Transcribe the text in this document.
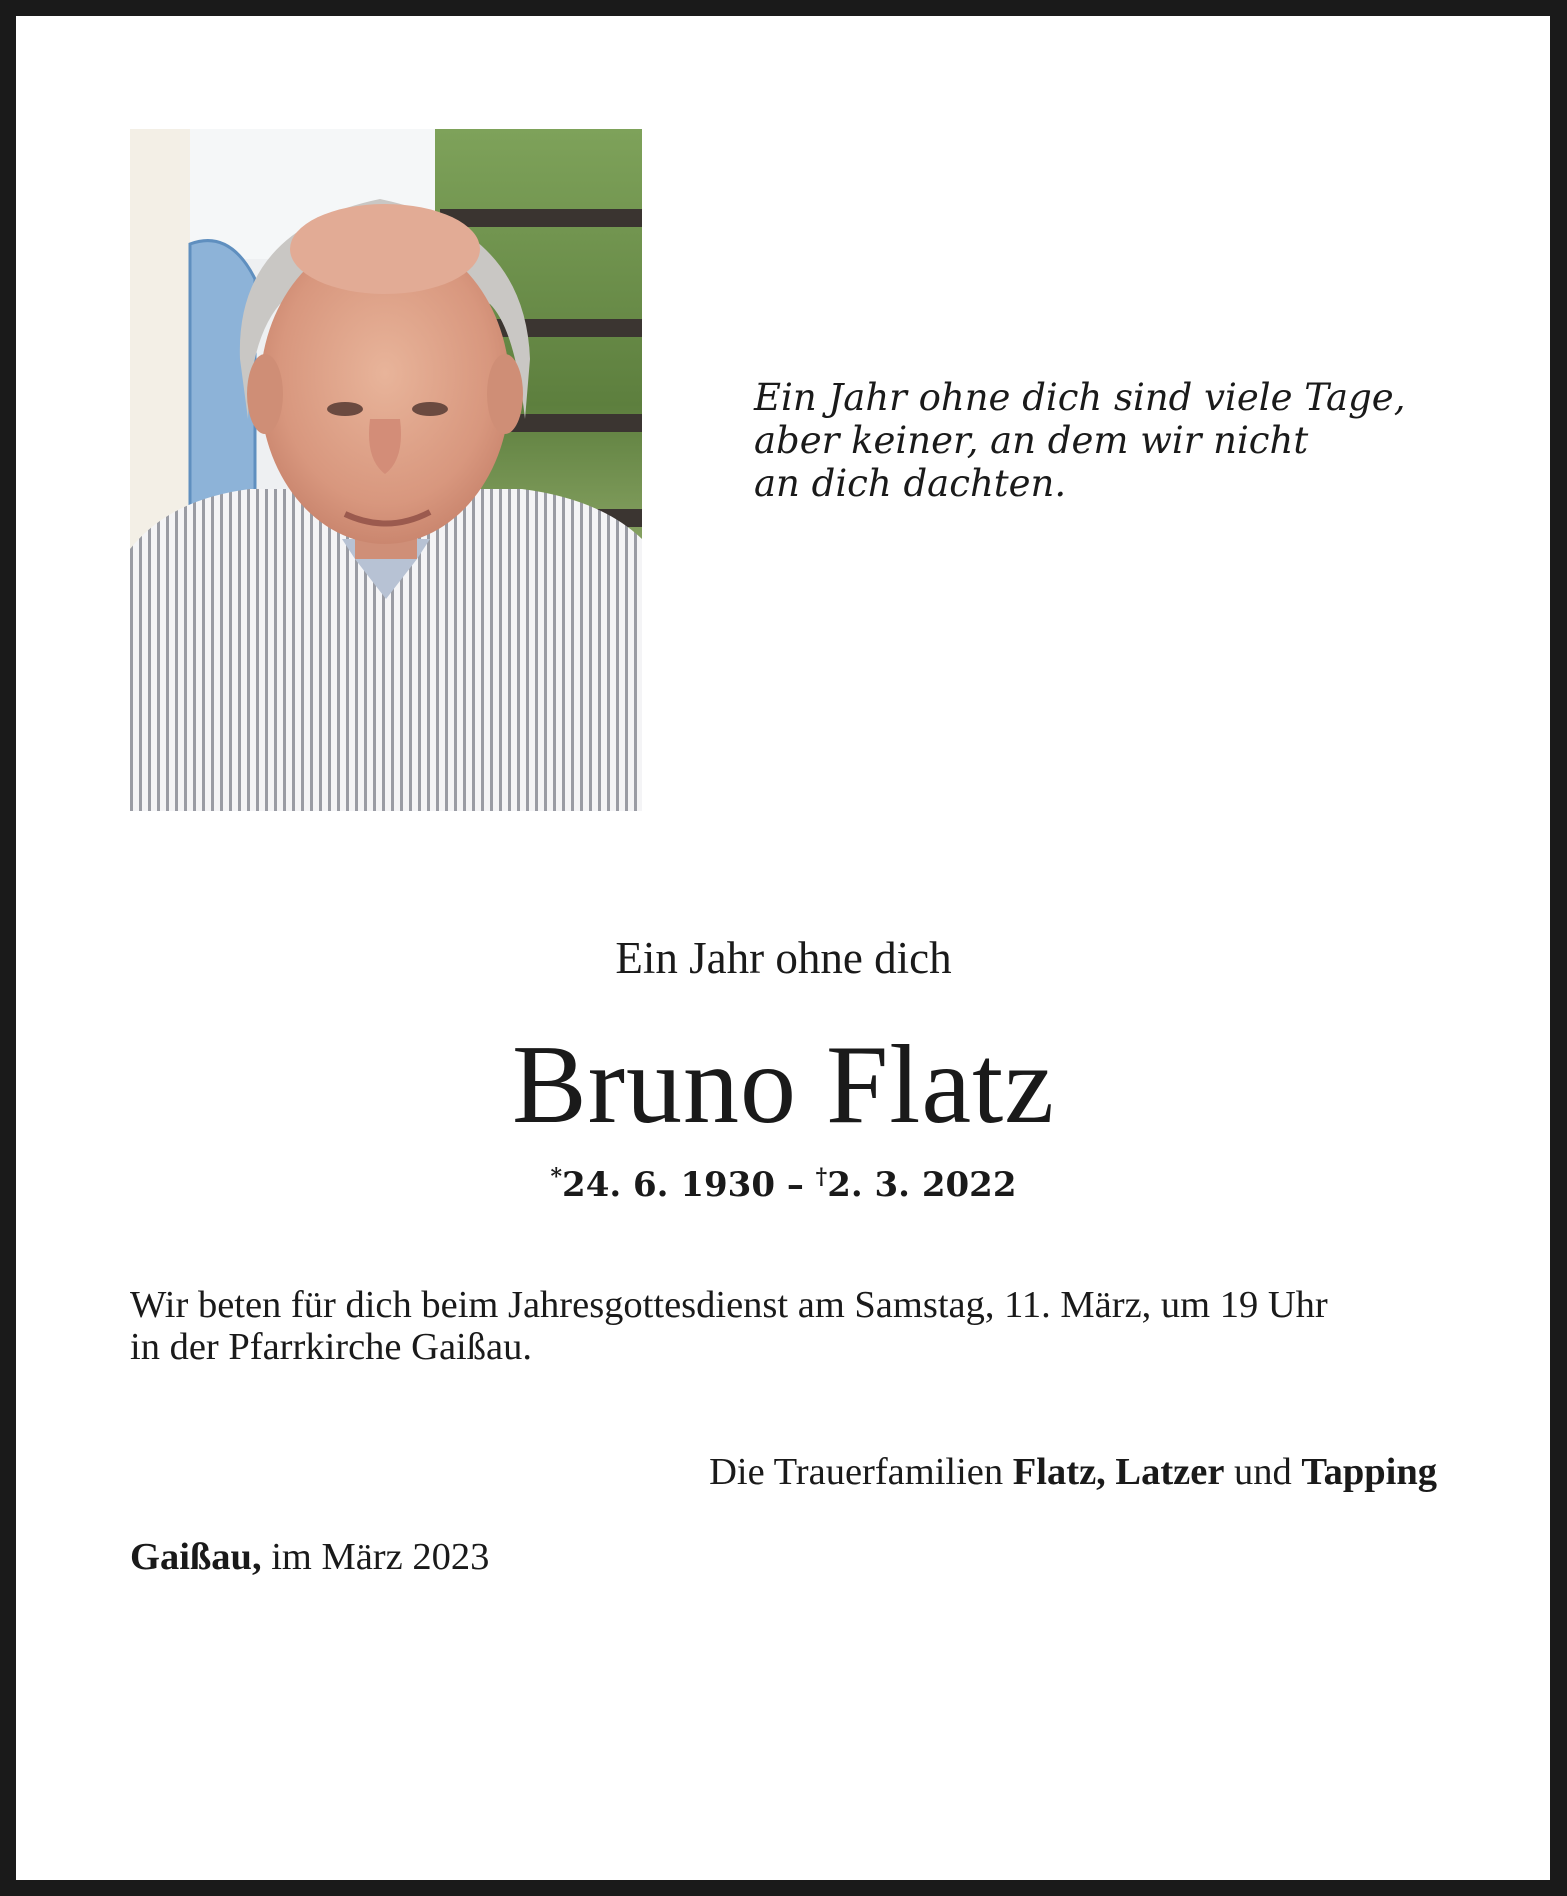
Ein Jahr ohne dich sind viele Tage,
aber keiner, an dem wir nicht
an dich dachten.
Ein Jahr ohne dich
Bruno Flatz
*24. 6. 1930 – †2. 3. 2022
Wir beten für dich beim Jahresgottesdienst am Samstag, 11. März, um 19 Uhr
in der Pfarrkirche Gaißau.
Die Trauerfamilien Flatz, Latzer und Tapping
Gaißau, im März 2023
